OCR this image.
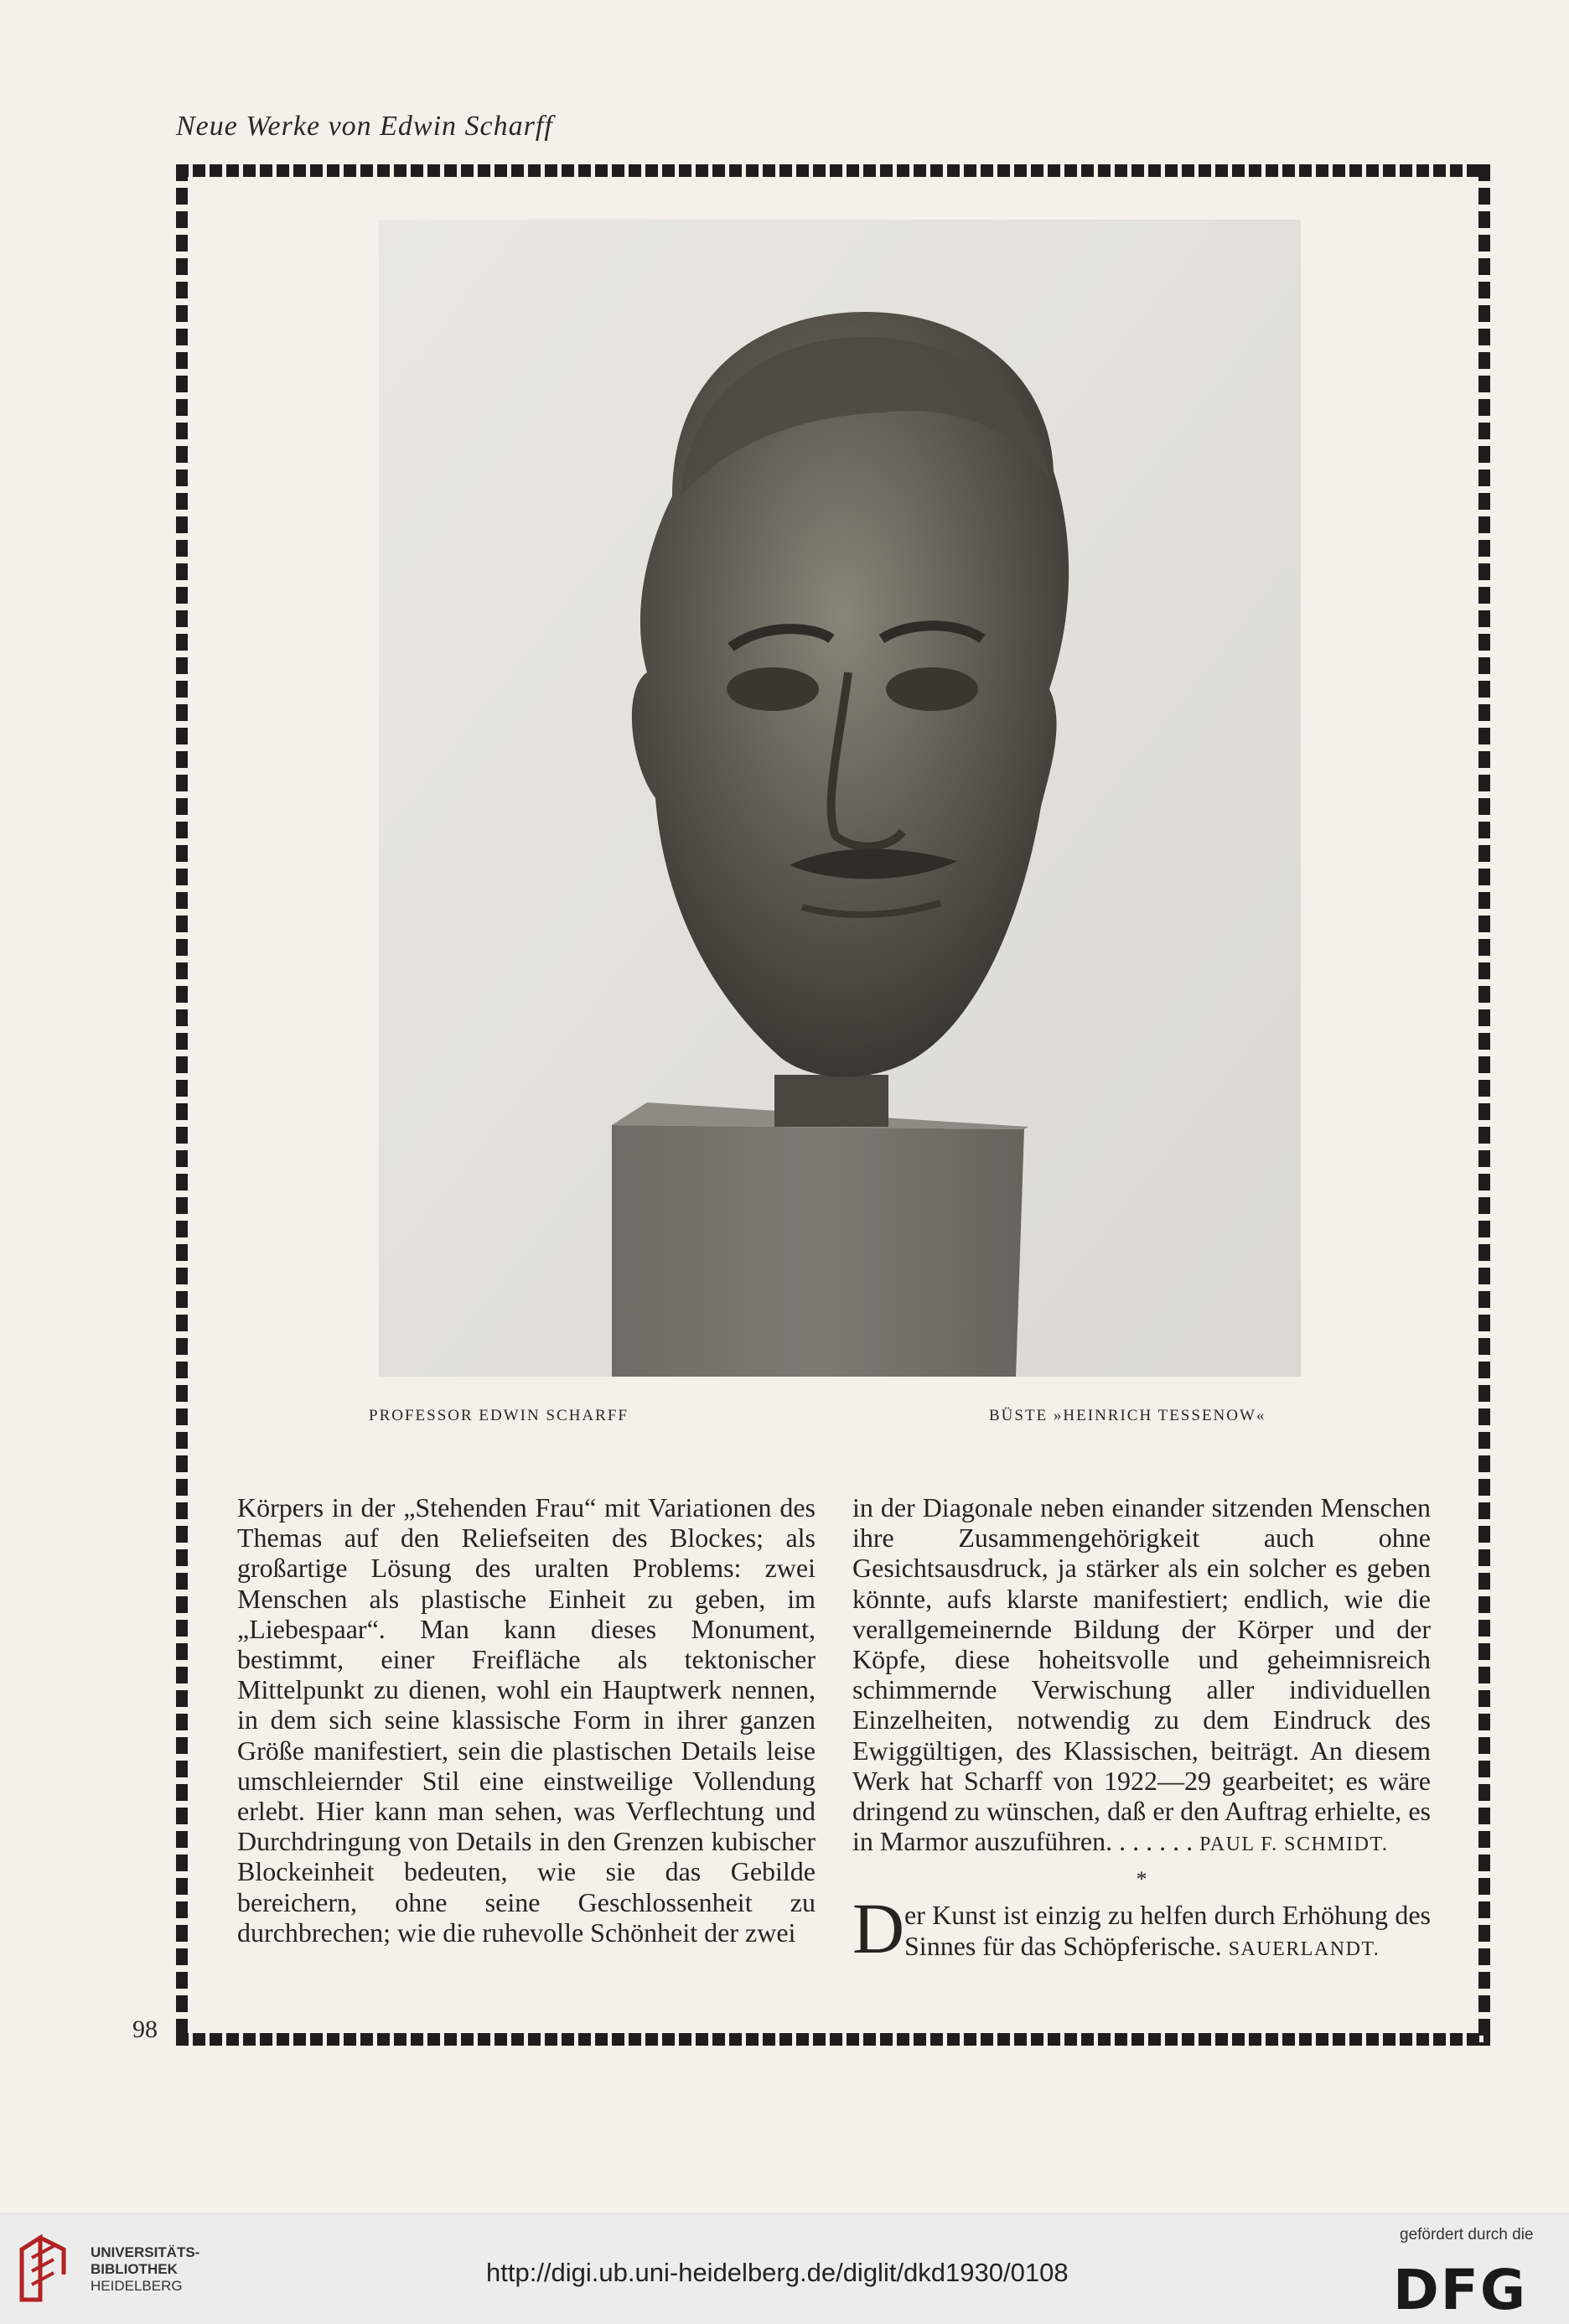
Neue Werke von Edwin Scharff
98
PROFESSOR EDWIN SCHARFF	BÜSTE »HEINRICH TESSENOW«

Körpers in der „Stehenden Frau“ mit Variationen des Themas auf den Reliefseiten des Blockes; als großartige Lösung des uralten Problems: zwei Menschen als plastische Einheit zu geben, im „Liebespaar“. Man kann dieses Monument, bestimmt, einer Freifläche als tektonischer Mittelpunkt zu dienen, wohl ein Hauptwerk nennen, in dem sich seine klassische Form in ihrer ganzen Größe manifestiert, sein die plastischen Details leise umschleiernder Stil eine einstweilige Vollendung erlebt. Hier kann man sehen, was Verflechtung und Durchdringung von Details in den Grenzen kubischer Blockeinheit bedeuten, wie sie das Gebilde bereichern, ohne seine Geschlossenheit zu durchbrechen; wie die ruhevolle Schönheit der zwei

in der Diagonale neben einander sitzenden Menschen ihre Zusammengehörigkeit auch ohne Gesichtsausdruck, ja stärker als ein solcher es geben könnte, aufs klarste manifestiert; endlich, wie die verallgemeinernde Bildung der Körper und der Köpfe, diese hoheitsvolle und geheimnisreich schimmernde Verwischung aller individuellen Einzelheiten, notwendig zu dem Eindruck des Ewiggültigen, des Klassischen, beiträgt. An diesem Werk hat Scharff von 1922—29 gearbeitet; es wäre dringend zu wünschen, daß er den Auftrag erhielte, es in Marmor auszuführen. . . . . . . PAUL F. SCHMIDT.

*

D er Kunst ist einzig zu helfen durch Erhöhung des Sinnes für das Schöpferische. SAUERLANDT.

UNIVERSITÄTS-
BIBLIOTHEK
HEIDELBERG	http://digi.ub.uni-heidelberg.de/diglit/dkd1930/0108
gefördert durch die
DFG
